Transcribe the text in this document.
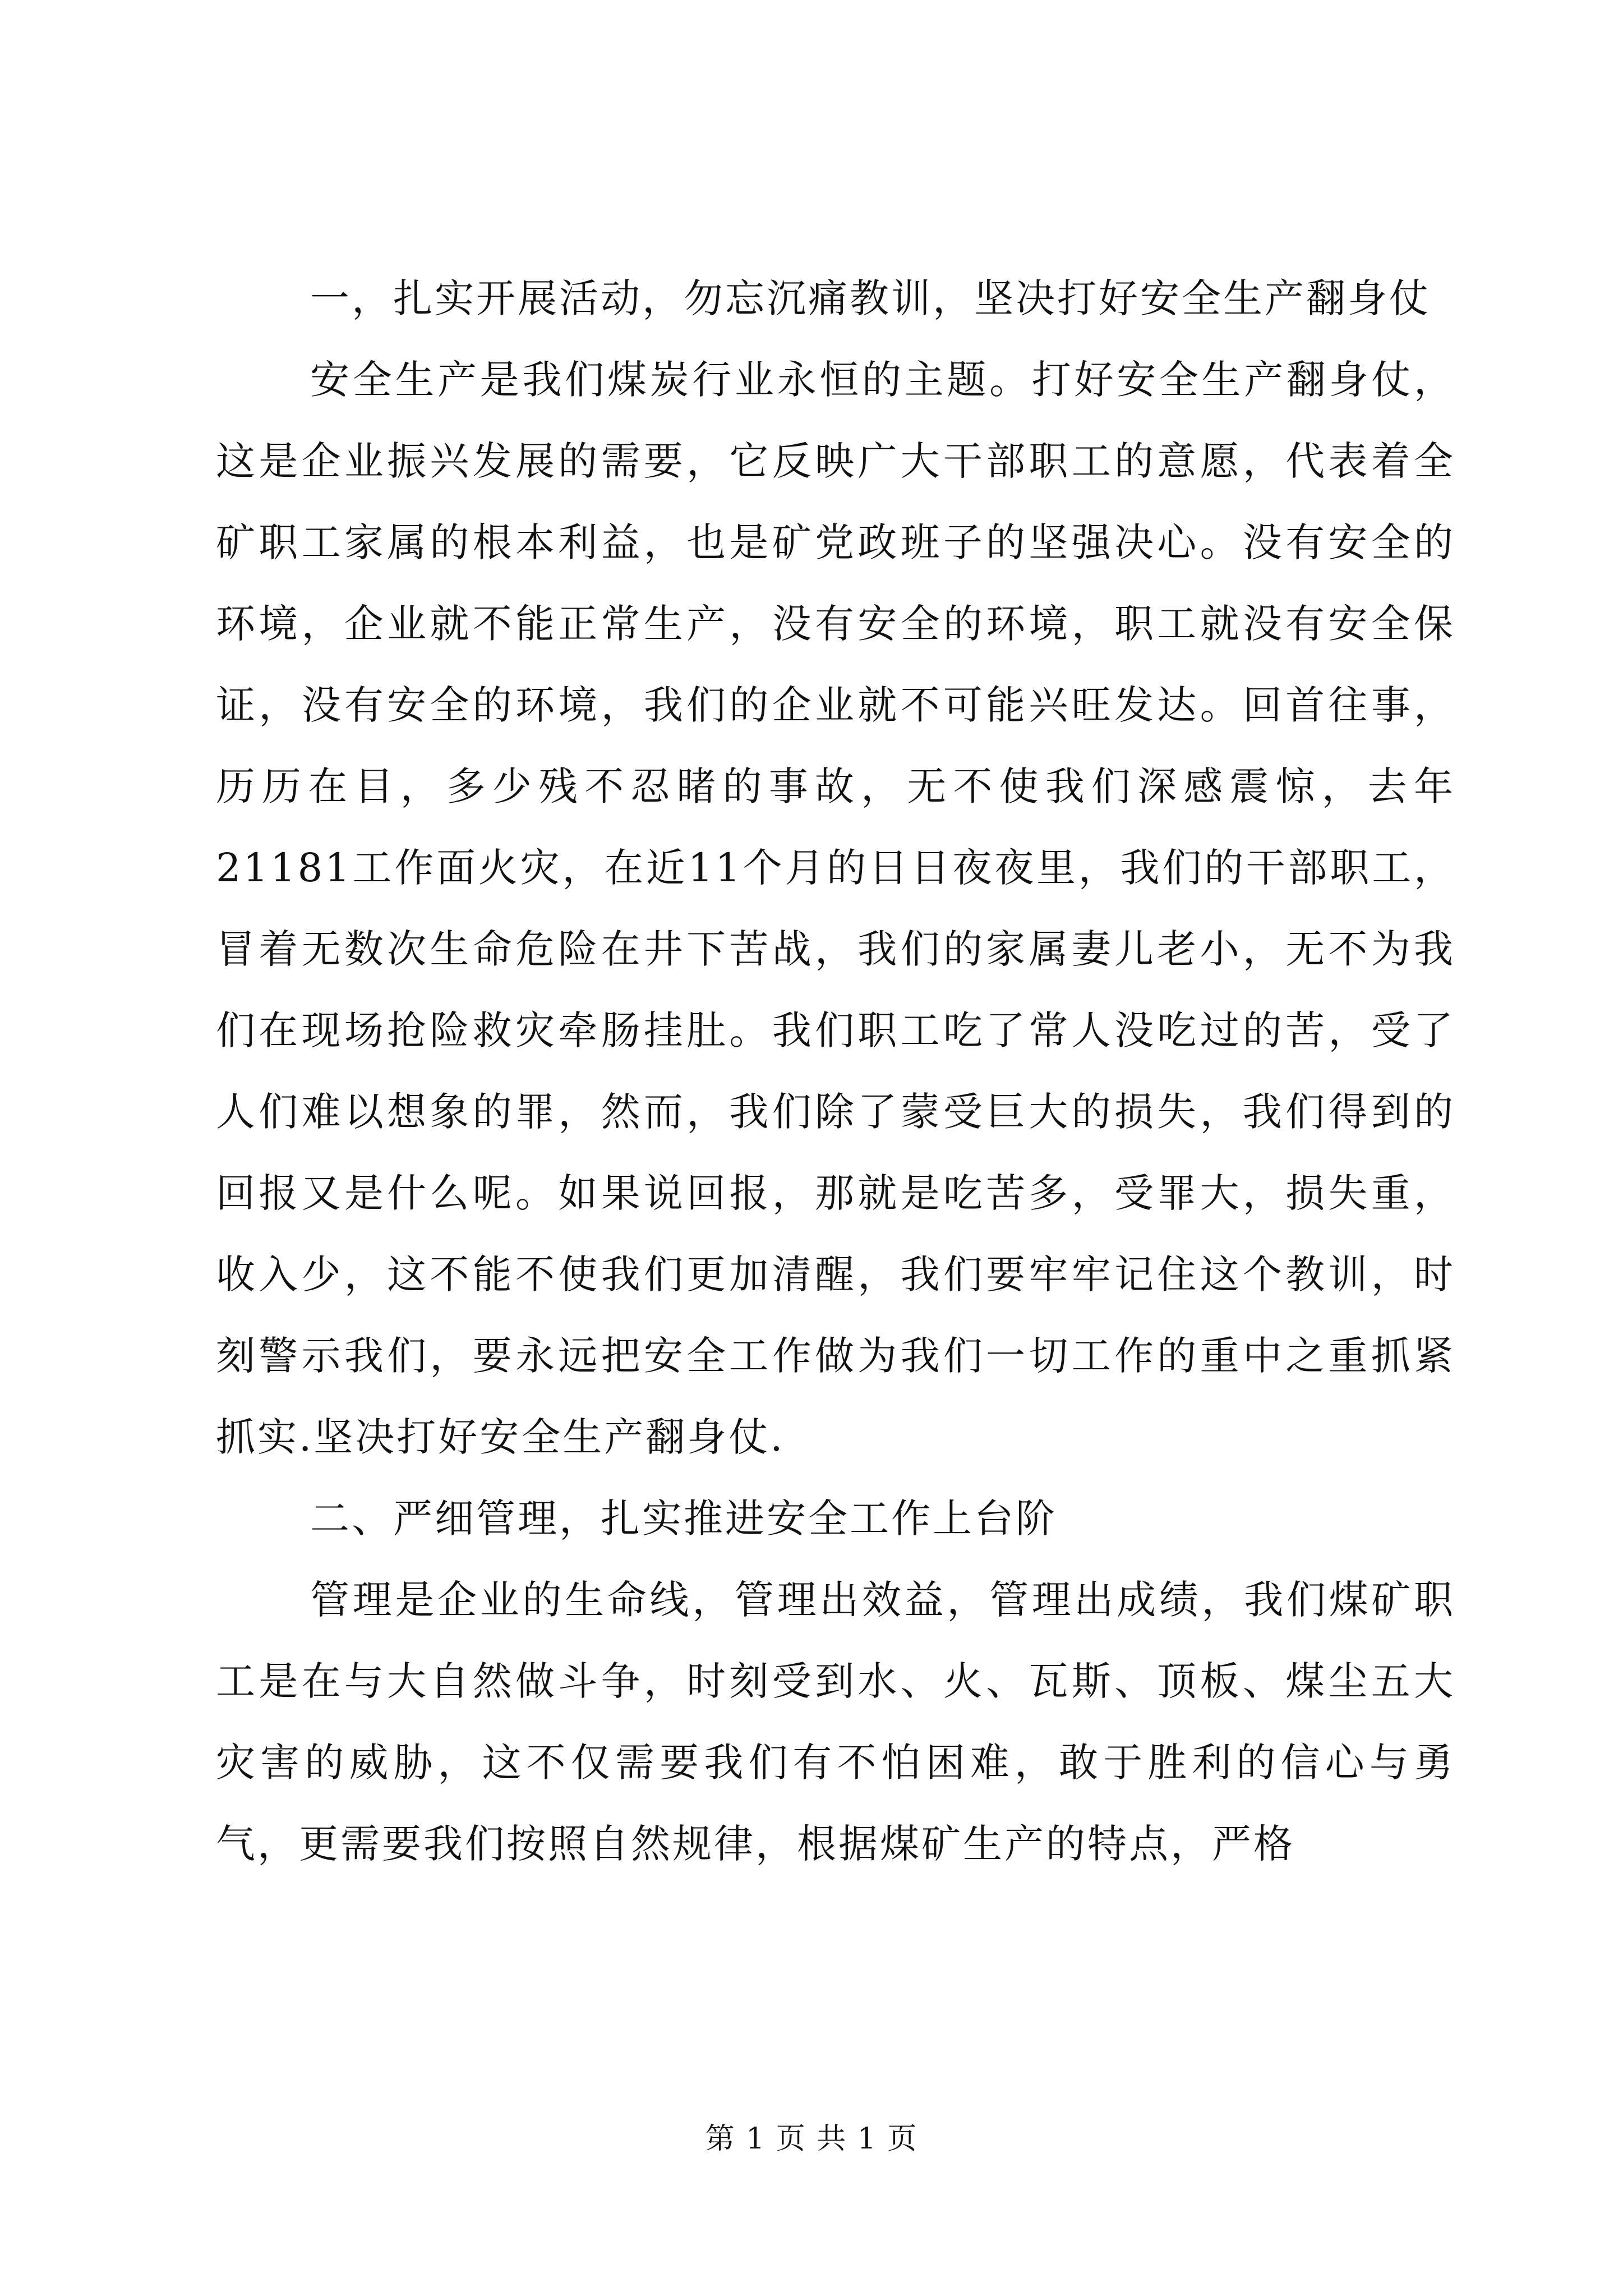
一，扎实开展活动，勿忘沉痛教训，坚决打好安全生产翻身仗

安全生产是我们煤炭行业永恒的主题。打好安全生产翻身仗，这是企业振兴发展的需要，它反映广大干部职工的意愿，代表着全矿职工家属的根本利益，也是矿党政班子的坚强决心。没有安全的环境，企业就不能正常生产，没有安全的环境，职工就没有安全保证，没有安全的环境，我们的企业就不可能兴旺发达。回首往事，历历在目，多少残不忍睹的事故，无不使我们深感震惊，去年21181工作面火灾，在近11个月的日日夜夜里，我们的干部职工，冒着无数次生命危险在井下苦战，我们的家属妻儿老小，无不为我们在现场抢险救灾牵肠挂肚。我们职工吃了常人没吃过的苦，受了人们难以想象的罪，然而，我们除了蒙受巨大的损失，我们得到的回报又是什么呢。如果说回报，那就是吃苦多，受罪大，损失重，收入少，这不能不使我们更加清醒，我们要牢牢记住这个教训，时刻警示我们，要永远把安全工作做为我们一切工作的重中之重抓紧抓实.坚决打好安全生产翻身仗.

二、严细管理，扎实推进安全工作上台阶

管理是企业的生命线，管理出效益，管理出成绩，我们煤矿职工是在与大自然做斗争，时刻受到水、火、瓦斯、顶板、煤尘五大灾害的威胁，这不仅需要我们有不怕困难，敢于胜利的信心与勇气，更需要我们按照自然规律，根据煤矿生产的特点，严格

第 1 页 共 1 页
